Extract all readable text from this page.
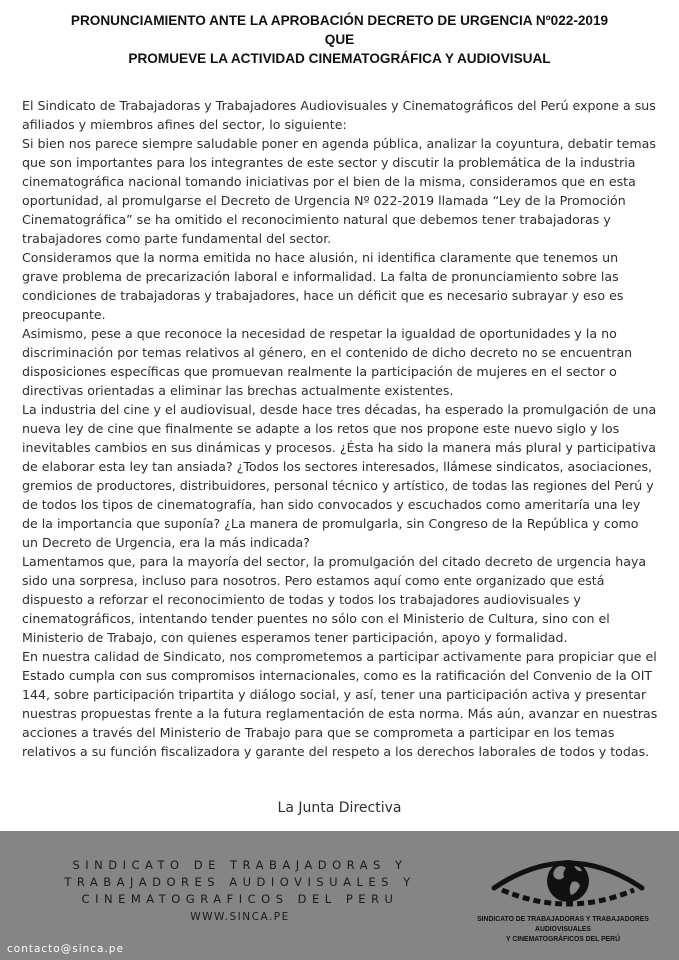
PRONUNCIAMIENTO ANTE LA APROBACIÓN DECRETO DE URGENCIA Nº022-2019
QUE
PROMUEVE LA ACTIVIDAD CINEMATOGRÁFICA Y AUDIOVISUAL

El Sindicato de Trabajadoras y Trabajadores Audiovisuales y Cinematográficos del Perú expone a sus afiliados y miembros afines del sector, lo siguiente:

Si bien nos parece siempre saludable poner en agenda pública, analizar la coyuntura, debatir temas que son importantes para los integrantes de este sector y discutir la problemática de la industria cinematográfica nacional tomando iniciativas por el bien de la misma, consideramos que en esta oportunidad, al promulgarse el Decreto de Urgencia Nº 022-2019 llamada “Ley de la Promoción Cinematográfica” se ha omitido el reconocimiento natural que debemos tener trabajadoras y trabajadores como parte fundamental del sector.

Consideramos que la norma emitida no hace alusión, ni identifica claramente que tenemos un grave problema de precarización laboral e informalidad. La falta de pronunciamiento sobre las condiciones de trabajadoras y trabajadores, hace un déficit que es necesario subrayar y eso es preocupante.

Asimismo, pese a que reconoce la necesidad de respetar la igualdad de oportunidades y la no discriminación por temas relativos al género, en el contenido de dicho decreto no se encuentran disposiciones específicas que promuevan realmente la participación de mujeres en el sector o directivas orientadas a eliminar las brechas actualmente existentes.

La industria del cine y el audiovisual, desde hace tres décadas, ha esperado la promulgación de una nueva ley de cine que finalmente se adapte a los retos que nos propone este nuevo siglo y los inevitables cambios en sus dinámicas y procesos. ¿Ésta ha sido la manera más plural y participativa de elaborar esta ley tan ansiada? ¿Todos los sectores interesados, llámese sindicatos, asociaciones, gremios de productores, distribuidores, personal técnico y artístico, de todas las regiones del Perú y de todos los tipos de cinematografía, han sido convocados y escuchados como ameritaría una ley de la importancia que suponía? ¿La manera de promulgarla, sin Congreso de la República y como un Decreto de Urgencia, era la más indicada?

Lamentamos que, para la mayoría del sector, la promulgación del citado decreto de urgencia haya sido una sorpresa, incluso para nosotros. Pero estamos aquí como ente organizado que está dispuesto a reforzar el reconocimiento de todas y todos los trabajadores audiovisuales y cinematográficos, intentando tender puentes no sólo con el Ministerio de Cultura, sino con el Ministerio de Trabajo, con quienes esperamos tener participación, apoyo y formalidad.

En nuestra calidad de Sindicato, nos comprometemos a participar activamente para propiciar que el Estado cumpla con sus compromisos internacionales, como es la ratificación del Convenio de la OIT 144, sobre participación tripartita y diálogo social, y así, tener una participación activa y presentar nuestras propuestas frente a la futura reglamentación de esta norma. Más aún, avanzar en nuestras acciones a través del Ministerio de Trabajo para que se comprometa a participar en los temas relativos a su función fiscalizadora y garante del respeto a los derechos laborales de todos y todas.

La Junta Directiva
SINDICATO DE TRABAJADORAS Y
TRABAJADORES AUDIOVISUALES Y
CINEMATOGRAFICOS DEL PERU
WWW.SINCA.PE
contacto@sinca.pe
SINDICATO DE TRABAJADORAS Y TRABAJADORES AUDIOVISUALES
Y CINEMATOGRÁFICOS DEL PERÚ
